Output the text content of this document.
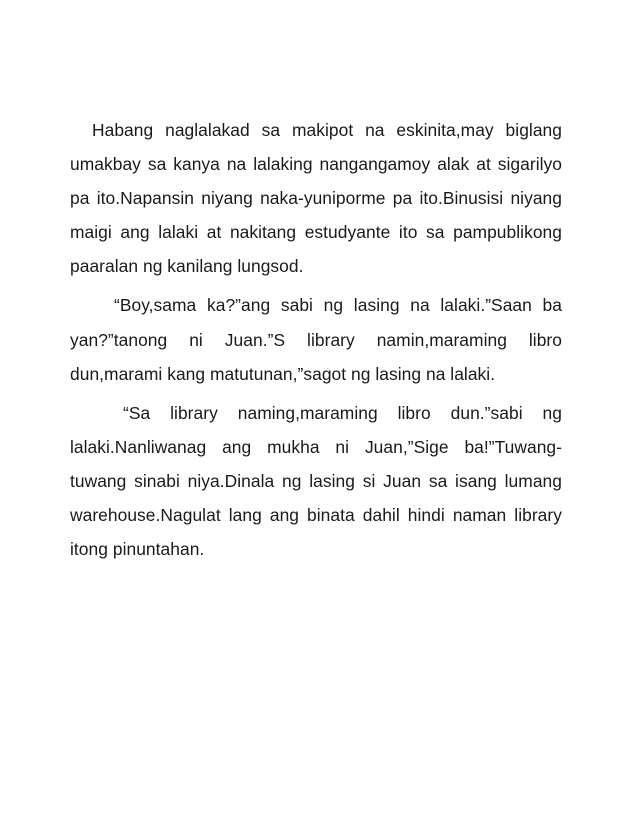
Habang naglalakad sa makipot na eskinita,may biglang umakbay sa kanya na lalaking nangangamoy alak at sigarilyo pa ito.Napansin niyang naka-yuniporme pa ito.Binusisi niyang maigi ang lalaki at nakitang estudyante ito sa pampublikong paaralan ng kanilang lungsod.

“Boy,sama ka?”ang sabi ng lasing na lalaki.”Saan ba yan?”tanong ni Juan.”S library namin,maraming libro dun,marami kang matutunan,”sagot ng lasing na lalaki.

“Sa library naming,maraming libro dun.”sabi ng lalaki.Nanliwanag ang mukha ni Juan,”Sige ba!”Tuwang-tuwang sinabi niya.Dinala ng lasing si Juan sa isang lumang warehouse.Nagulat lang ang binata dahil hindi naman library itong pinuntahan.
